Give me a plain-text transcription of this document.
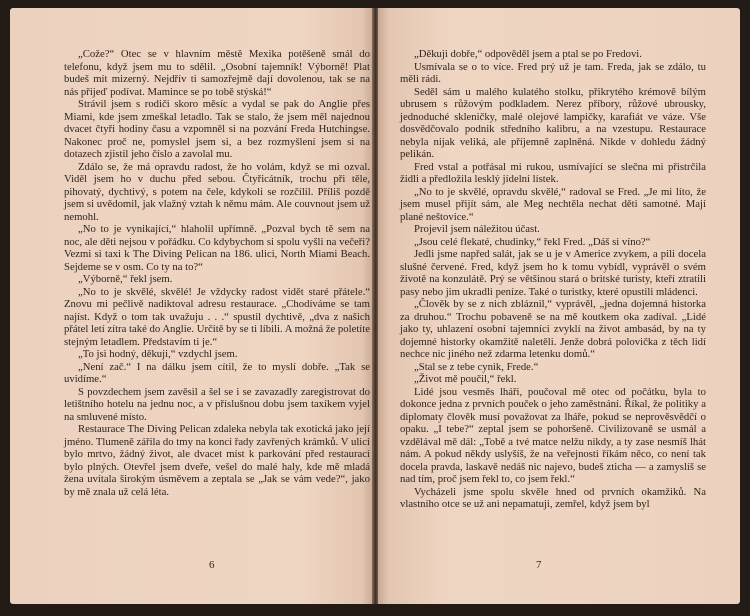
„Cože?“ Otec se v hlavním městě Mexika potěšeně smál do telefonu, když jsem mu to sdělil. „Osobní tajemník! Výborně! Plat budeš mít mizerný. Nejdřív ti samozřejmě dají dovolenou, tak se na nás přijeď podívat. Mamince se po tobě stýská!“

Strávil jsem s rodiči skoro měsíc a vydal se pak do Anglie přes Miami, kde jsem zmeškal letadlo. Tak se stalo, že jsem měl najednou dvacet čtyři hodiny času a vzpomněl si na pozvání Freda Hutchingse. Nakonec proč ne, pomyslel jsem si, a bez rozmyšlení jsem si na dotazech zjistil jeho číslo a zavolal mu.

Zdálo se, že má opravdu radost, že ho volám, když se mi ozval. Viděl jsem ho v duchu před sebou. Čtyřicátník, trochu při těle, pihovatý, dychtivý, s potem na čele, kdykoli se rozčílil. Příliš pozdě jsem si uvědomil, jak vlažný vztah k němu mám. Ale couvnout jsem už nemohl.

„No to je vynikající,“ hlaholil upřímně. „Pozval bych tě sem na noc, ale děti nejsou v pořádku. Co kdybychom si spolu vyšli na večeři? Vezmi si taxi k The Diving Pelican na 186. ulici, North Miami Beach. Sejdeme se v osm. Co ty na to?“

„Výborně,“ řekl jsem.

„No to je skvělé, skvělé! Je vždycky radost vidět staré přátele.“ Znovu mi pečlivě nadiktoval adresu restaurace. „Chodíváme se tam najíst. Když o tom tak uvažuju . . .“ spustil dychtivě, „dva z našich přátel letí zítra také do Anglie. Určitě by se ti líbili. A možná že poletíte stejným letadlem. Představím ti je.“

„To jsi hodný, děkuji,“ vzdychl jsem.

„Není zač.“ I na dálku jsem cítil, že to myslí dobře. „Tak se uvidíme.“

S povzdechem jsem zavěsil a šel se i se zavazadly zaregistrovat do letištního hotelu na jednu noc, a v příslušnou dobu jsem taxíkem vyjel na smluvené místo.

Restaurace The Diving Pelican zdaleka nebyla tak exotická jako její jméno. Tlumeně zářila do tmy na konci řady zavřených krámků. V ulici bylo mrtvo, žádný život, ale dvacet míst k parkování před restaurací bylo plných. Otevřel jsem dveře, vešel do malé haly, kde mě mladá žena uvítala širokým úsměvem a zeptala se „Jak se vám vede?“, jako by mě znala už celá léta.

6

„Děkuji dobře,“ odpověděl jsem a ptal se po Fredovi.

Usmívala se o to více. Fred prý už je tam. Freda, jak se zdálo, tu měli rádi.

Seděl sám u malého kulatého stolku, přikrytého krémově bílým ubrusem s růžovým podkladem. Nerez příbory, růžové ubrousky, jednoduché skleničky, malé olejové lampičky, karafiát ve váze. Vše dosvědčovalo podnik středního kalibru, a na vzestupu. Restaurace nebyla nijak veliká, ale příjemně zaplněná. Nikde v dohledu žádný pelikán.

Fred vstal a potřásal mi rukou, usmívající se slečna mi přistrčila židli a předložila lesklý jídelní lístek.

„No to je skvělé, opravdu skvělé,“ radoval se Fred. „Je mi líto, že jsem musel přijít sám, ale Meg nechtěla nechat děti samotné. Mají plané neštovice.“

Projevil jsem náležitou účast.

„Jsou celé flekaté, chudinky,“ řekl Fred. „Dáš si víno?“

Jedli jsme napřed salát, jak se u je v Americe zvykem, a pili docela slušné červené. Fred, když jsem ho k tomu vybídl, vyprávěl o svém životě na konzulátě. Prý se většinou stará o britské turisty, kteří ztratili pasy nebo jim ukradli peníze. Také o turistky, které opustili mládenci.

„Člověk by se z nich zbláznil,“ vyprávěl, „jedna dojemná historka za druhou.“ Trochu pobaveně se na mě koutkem oka zadíval. „Lidé jako ty, uhlazení osobní tajemníci zvyklí na život ambasád, by na ty dojemné historky okamžitě naletěli. Jenže dobrá polovička z těch lidí nechce nic jiného než zdarma letenku domů.“

„Stal se z tebe cynik, Frede.“

„Život mě poučil,“ řekl.

Lidé jsou vesměs lháři, poučoval mě otec od počátku, byla to dokonce jedna z prvních pouček o jeho zaměstnání. Říkal, že politiky a diplomaty člověk musí považovat za lháře, pokud se neprověsvědčí o opaku. „I tebe?“ zeptal jsem se pohoršeně. Civilizovaně se usmál a vzdělával mě dál: „Tobě a tvé matce nelžu nikdy, a ty zase nesmíš lhát nám. A pokud někdy uslyšíš, že na veřejnosti říkám něco, co není tak docela pravda, laskavě nedáš nic najevo, budeš zticha — a zamyslíš se nad tím, proč jsem řekl to, co jsem řekl.“

Vycházeli jsme spolu skvěle hned od prvních okamžiků. Na vlastního otce se už ani nepamatuji, zemřel, když jsem byl

7
